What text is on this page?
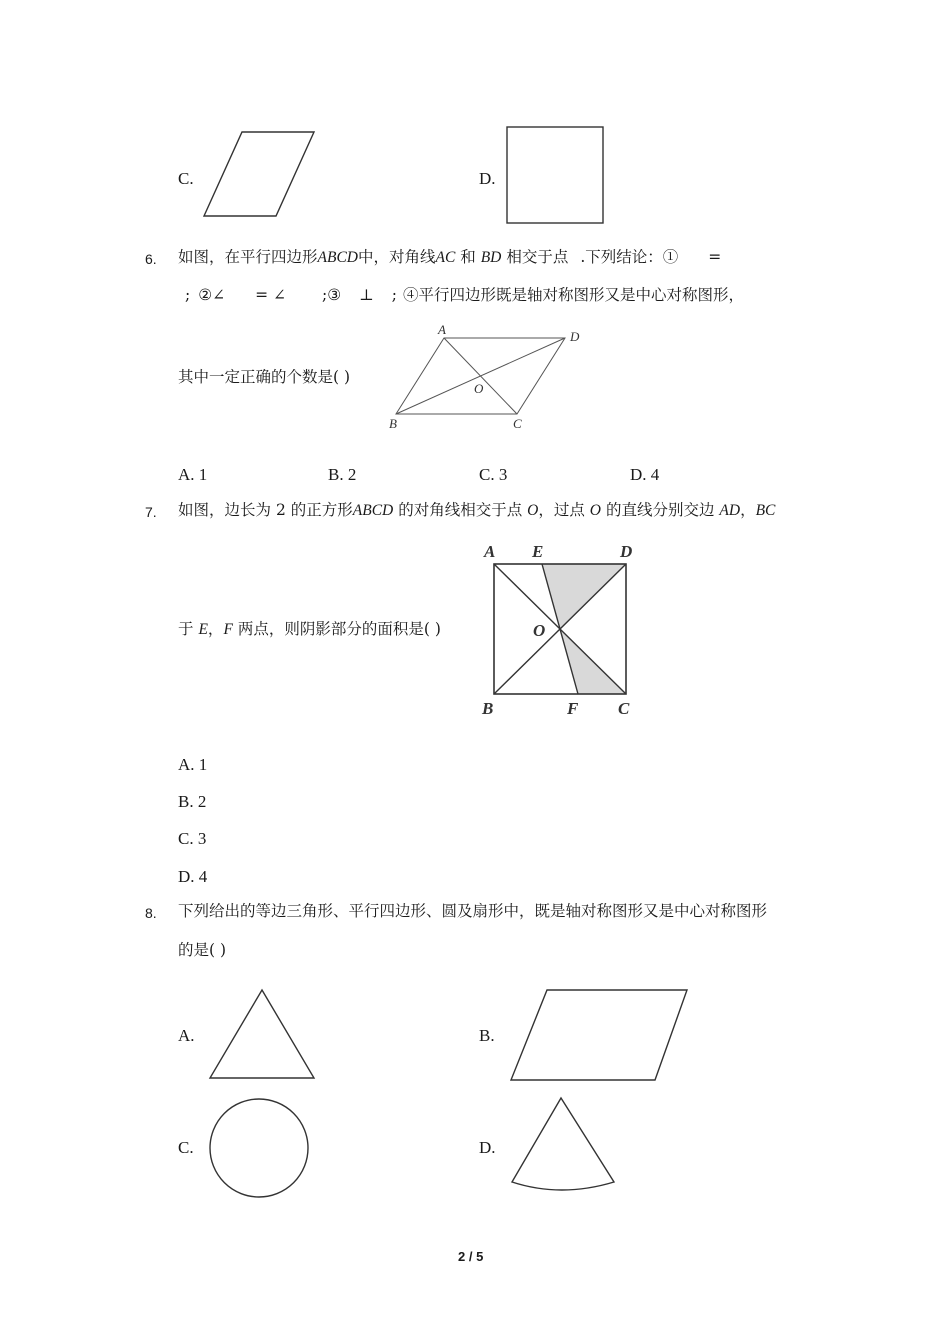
C.	D.
6. 如图，在平行四边形ABCD中，对角线AC 和 BD 相交于点 .下列结论：① =
; ②∠ = ∠ ;③ ⊥ ; ④平行四边形既是轴对称图形又是中心对称图形，
其中一定正确的个数是( )
A	D
B	C
O
A. 1	B. 2	C. 3	D. 4
7. 如图，边长为 2 的正方形ABCD 的对角线相交于点 O，过点 O 的直线分别交边 AD，BC
于 E，F 两点，则阴影部分的面积是( )
A E	D
O
B	F C
A. 1
B. 2
C. 3
D. 4
8. 下列给出的等边三角形、平行四边形、圆及扇形中，既是轴对称图形又是中心对称图形
的是( )
A.	B.
C.	D.
2 / 5
